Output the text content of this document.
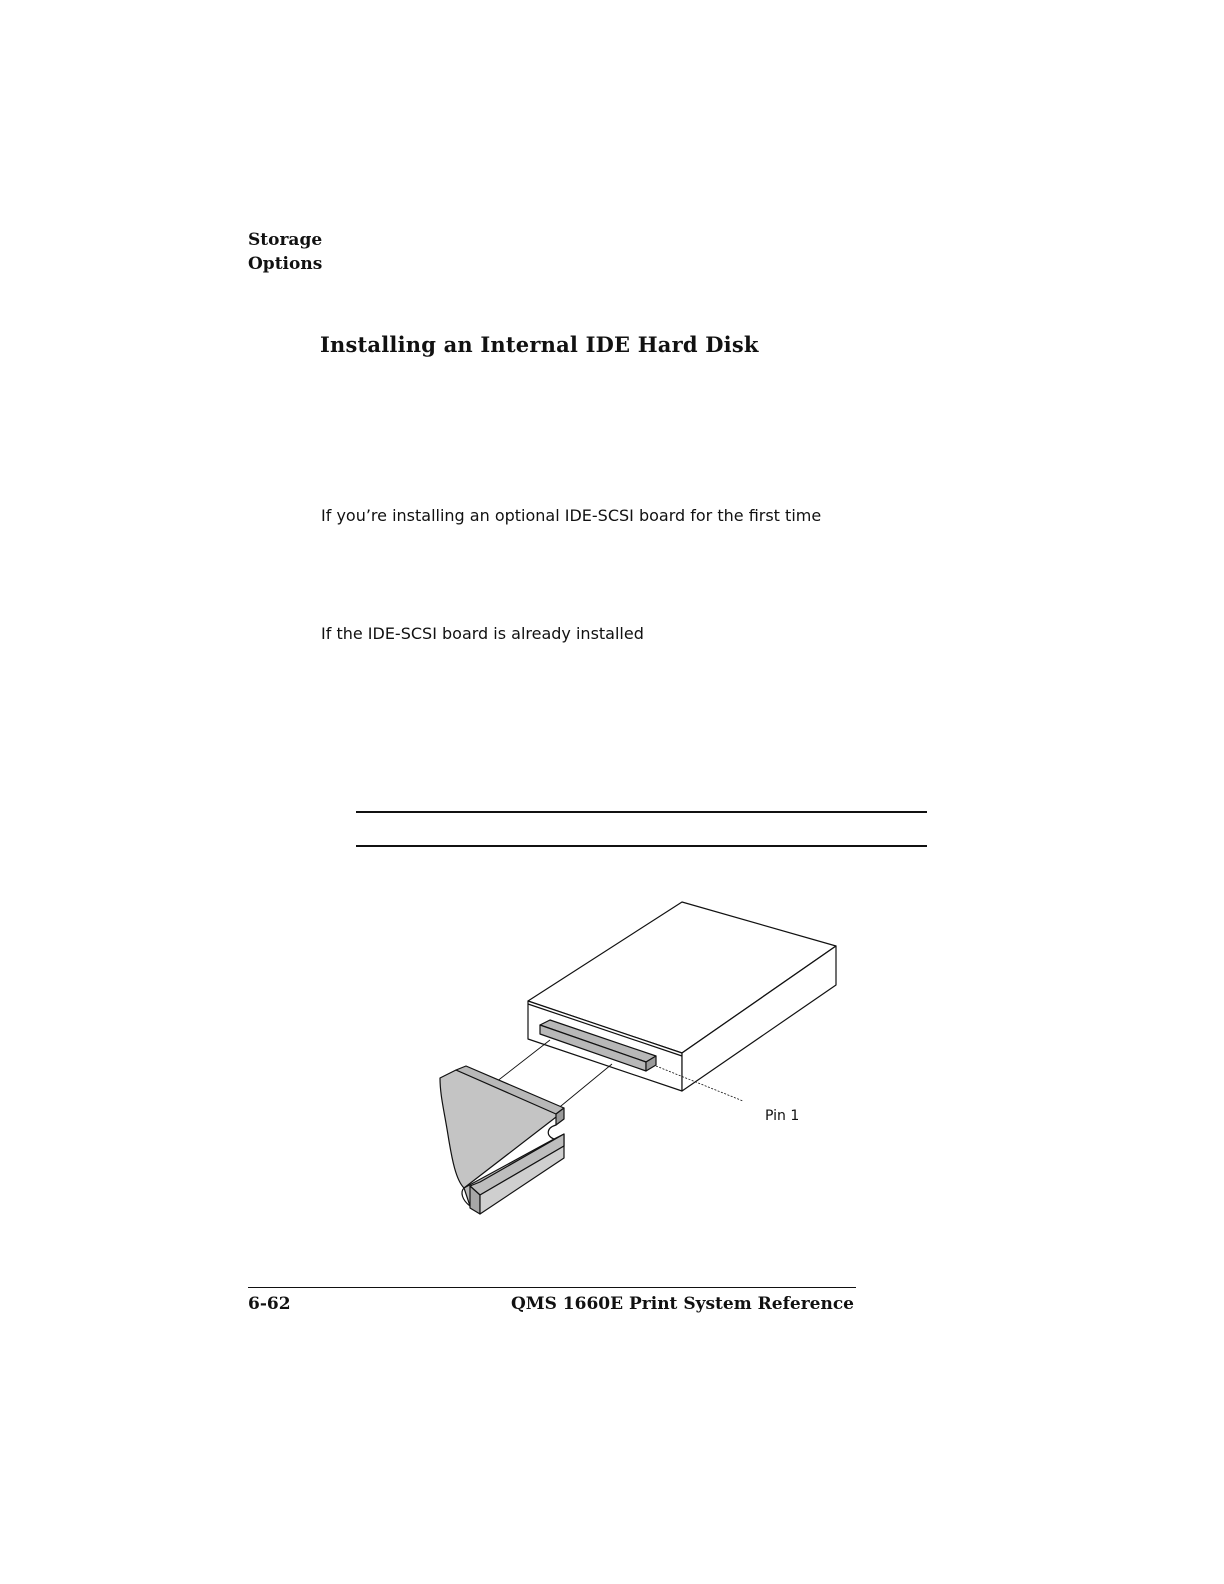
Storage
Options
Installing an Internal IDE Hard Disk
If you’re installing an optional IDE-SCSI board for the first time
If the IDE-SCSI board is already installed
Pin 1
6-62	QMS 1660E Print System Reference
